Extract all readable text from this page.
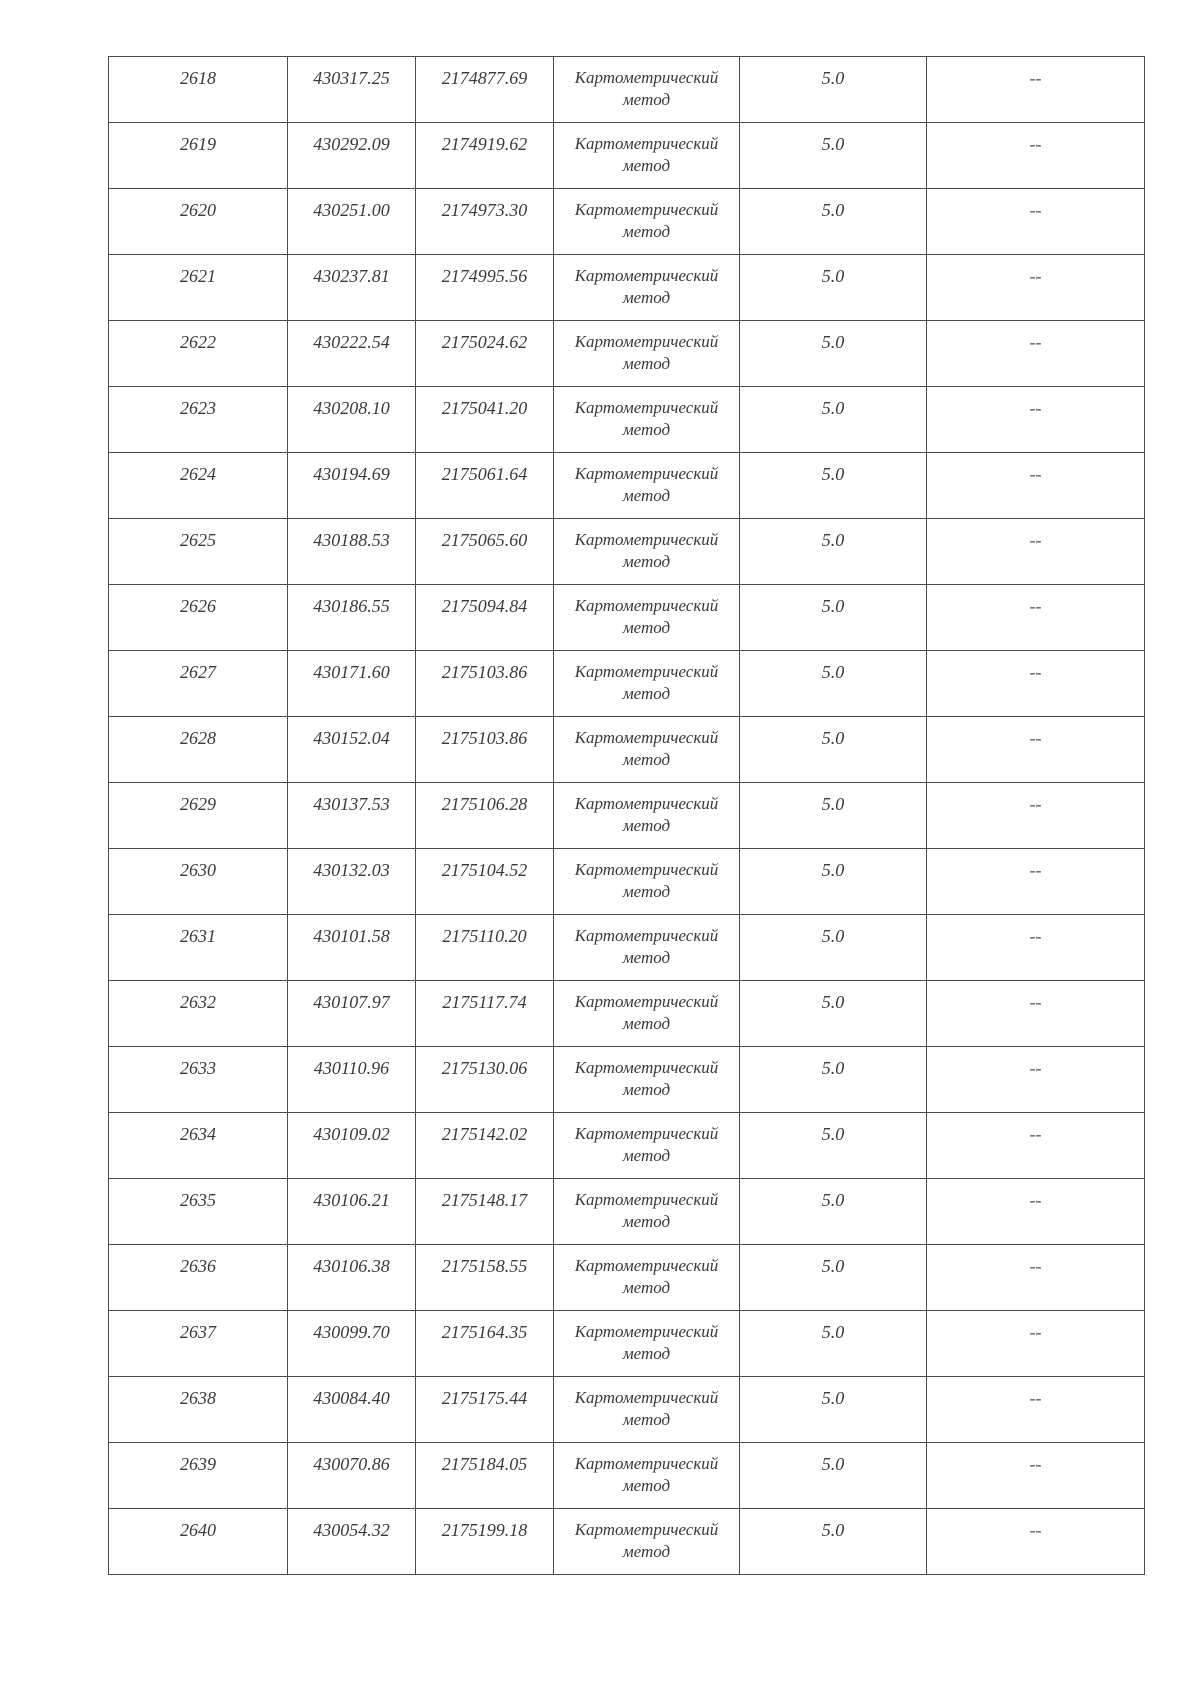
2618	430317.25	2174877.69	Картометрический метод	5.0	--
2619	430292.09	2174919.62	Картометрический метод	5.0	--
2620	430251.00	2174973.30	Картометрический метод	5.0	--
2621	430237.81	2174995.56	Картометрический метод	5.0	--
2622	430222.54	2175024.62	Картометрический метод	5.0	--
2623	430208.10	2175041.20	Картометрический метод	5.0	--
2624	430194.69	2175061.64	Картометрический метод	5.0	--
2625	430188.53	2175065.60	Картометрический метод	5.0	--
2626	430186.55	2175094.84	Картометрический метод	5.0	--
2627	430171.60	2175103.86	Картометрический метод	5.0	--
2628	430152.04	2175103.86	Картометрический метод	5.0	--
2629	430137.53	2175106.28	Картометрический метод	5.0	--
2630	430132.03	2175104.52	Картометрический метод	5.0	--
2631	430101.58	2175110.20	Картометрический метод	5.0	--
2632	430107.97	2175117.74	Картометрический метод	5.0	--
2633	430110.96	2175130.06	Картометрический метод	5.0	--
2634	430109.02	2175142.02	Картометрический метод	5.0	--
2635	430106.21	2175148.17	Картометрический метод	5.0	--
2636	430106.38	2175158.55	Картометрический метод	5.0	--
2637	430099.70	2175164.35	Картометрический метод	5.0	--
2638	430084.40	2175175.44	Картометрический метод	5.0	--
2639	430070.86	2175184.05	Картометрический метод	5.0	--
2640	430054.32	2175199.18	Картометрический метод	5.0	--
